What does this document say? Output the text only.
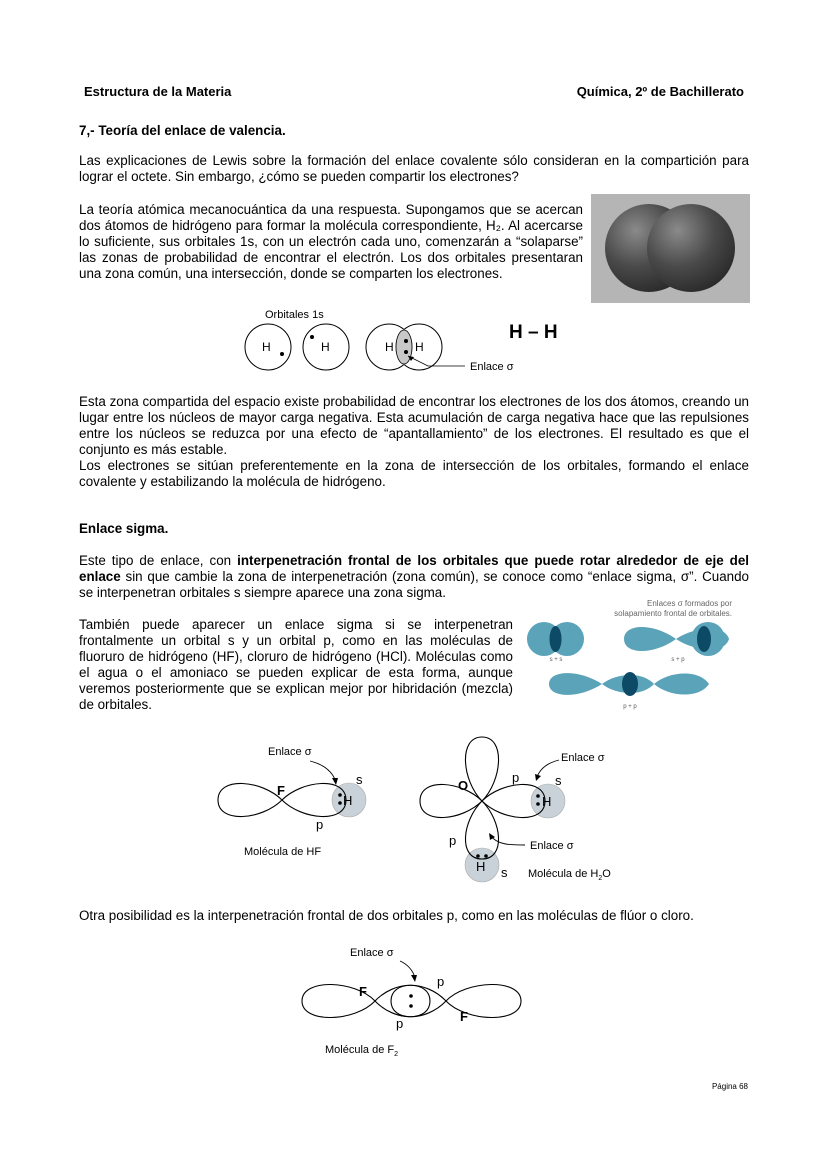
Estructura de la Materia	Química, 2º de Bachillerato
7,- Teoría del enlace de valencia.
Las explicaciones de Lewis sobre la formación del enlace covalente sólo consideran en la compartición para lograr el octete. Sin embargo, ¿cómo se pueden compartir los electrones?
La teoría atómica mecanocuántica da una respuesta. Supongamos que se acercan dos átomos de hidrógeno para formar la molécula correspondiente, H₂. Al acercarse lo suficiente, sus orbitales 1s, con un electrón cada uno, comenzarán a “solaparse” las zonas de probabilidad de encontrar el electrón. Los dos orbitales presentaran una zona común, una intersección, donde se comparten los electrones.
Orbitales 1s
H	H	H H
Enlace σ
H – H
Esta zona compartida del espacio existe probabilidad de encontrar los electrones de los dos átomos, creando un lugar entre los núcleos de mayor carga negativa. Esta acumulación de carga negativa hace que las repulsiones entre los núcleos se reduzca por una efecto de “apantallamiento” de los electrones. El resultado es que el conjunto es más estable.
Los electrones se sitúan preferentemente en la zona de intersección de los orbitales, formando el enlace covalente y estabilizando la molécula de hidrógeno.
Enlace sigma.
Este tipo de enlace, con interpenetración frontal de los orbitales que puede rotar alrededor de eje del enlace sin que cambie la zona de interpenetración (zona común), se conoce como “enlace sigma, σ”. Cuando se interpenetran orbitales s siempre aparece una zona sigma.
También puede aparecer un enlace sigma si se interpenetran frontalmente un orbital s y un orbital p, como en las moléculas de fluoruro de hidrógeno (HF), cloruro de hidrógeno (HCl). Moléculas como el agua o el amoniaco se pueden explicar de esta forma, aunque veremos posteriormente que se explican mejor por hibridación (mezcla) de orbitales.
Enlaces σ formados por
solapamiento frontal de orbitales.
s + s	s + p
p + p
Enlace σ
F
H
s
p
Molécula de HF
O
p	s
H
Enlace σ
p
H s
Enlace σ
Molécula de $H_2O$
Otra posibilidad es la interpenetración frontal de dos orbitales p, como en las moléculas de flúor o cloro.
Enlace σ
F
F
p
p
Molécula de $F_2$
Página 68
